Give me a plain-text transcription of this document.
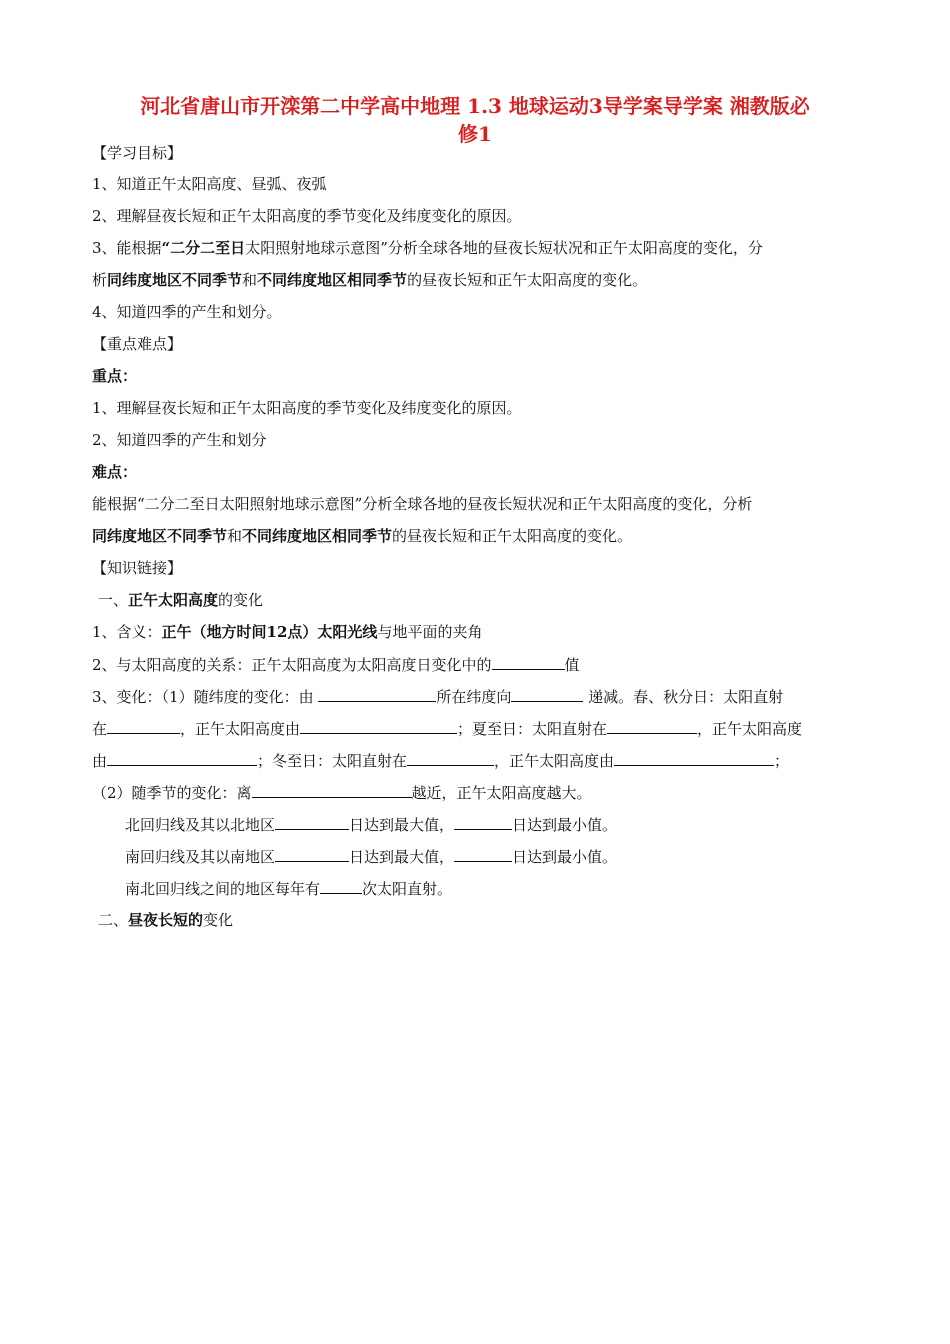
河北省唐山市开滦第二中学高中地理 1.3 地球运动3导学案导学案 湘教版必
修1
【学习目标】
1、知道正午太阳高度、昼弧、夜弧
2、理解昼夜长短和正午太阳高度的季节变化及纬度变化的原因。
3、能根据“二分二至日太阳照射地球示意图”分析全球各地的昼夜长短状况和正午太阳高度的变化，分
析同纬度地区不同季节和不同纬度地区相同季节的昼夜长短和正午太阳高度的变化。
4、知道四季的产生和划分。
【重点难点】
重点：
1、理解昼夜长短和正午太阳高度的季节变化及纬度变化的原因。
2、知道四季的产生和划分
难点：
能根据“二分二至日太阳照射地球示意图”分析全球各地的昼夜长短状况和正午太阳高度的变化，分析
同纬度地区不同季节和不同纬度地区相同季节的昼夜长短和正午太阳高度的变化。
【知识链接】
一、正午太阳高度的变化
1、含义：正午（地方时间12点）太阳光线与地平面的夹角
2、与太阳高度的关系：正午太阳高度为太阳高度日变化中的	值
3、变化：（1）随纬度的变化：由	所在纬度向	递减。春、秋分日：太阳直射
在	，正午太阳高度由	；夏至日：太阳直射在	，正午太阳高度
由	；冬至日：太阳直射在	，正午太阳高度由	；
（2）随季节的变化：离	越近，正午太阳高度越大。
北回归线及其以北地区	日达到最大值，	日达到最小值。
南回归线及其以南地区	日达到最大值，	日达到最小值。
南北回归线之间的地区每年有	次太阳直射。
二、昼夜长短的变化
